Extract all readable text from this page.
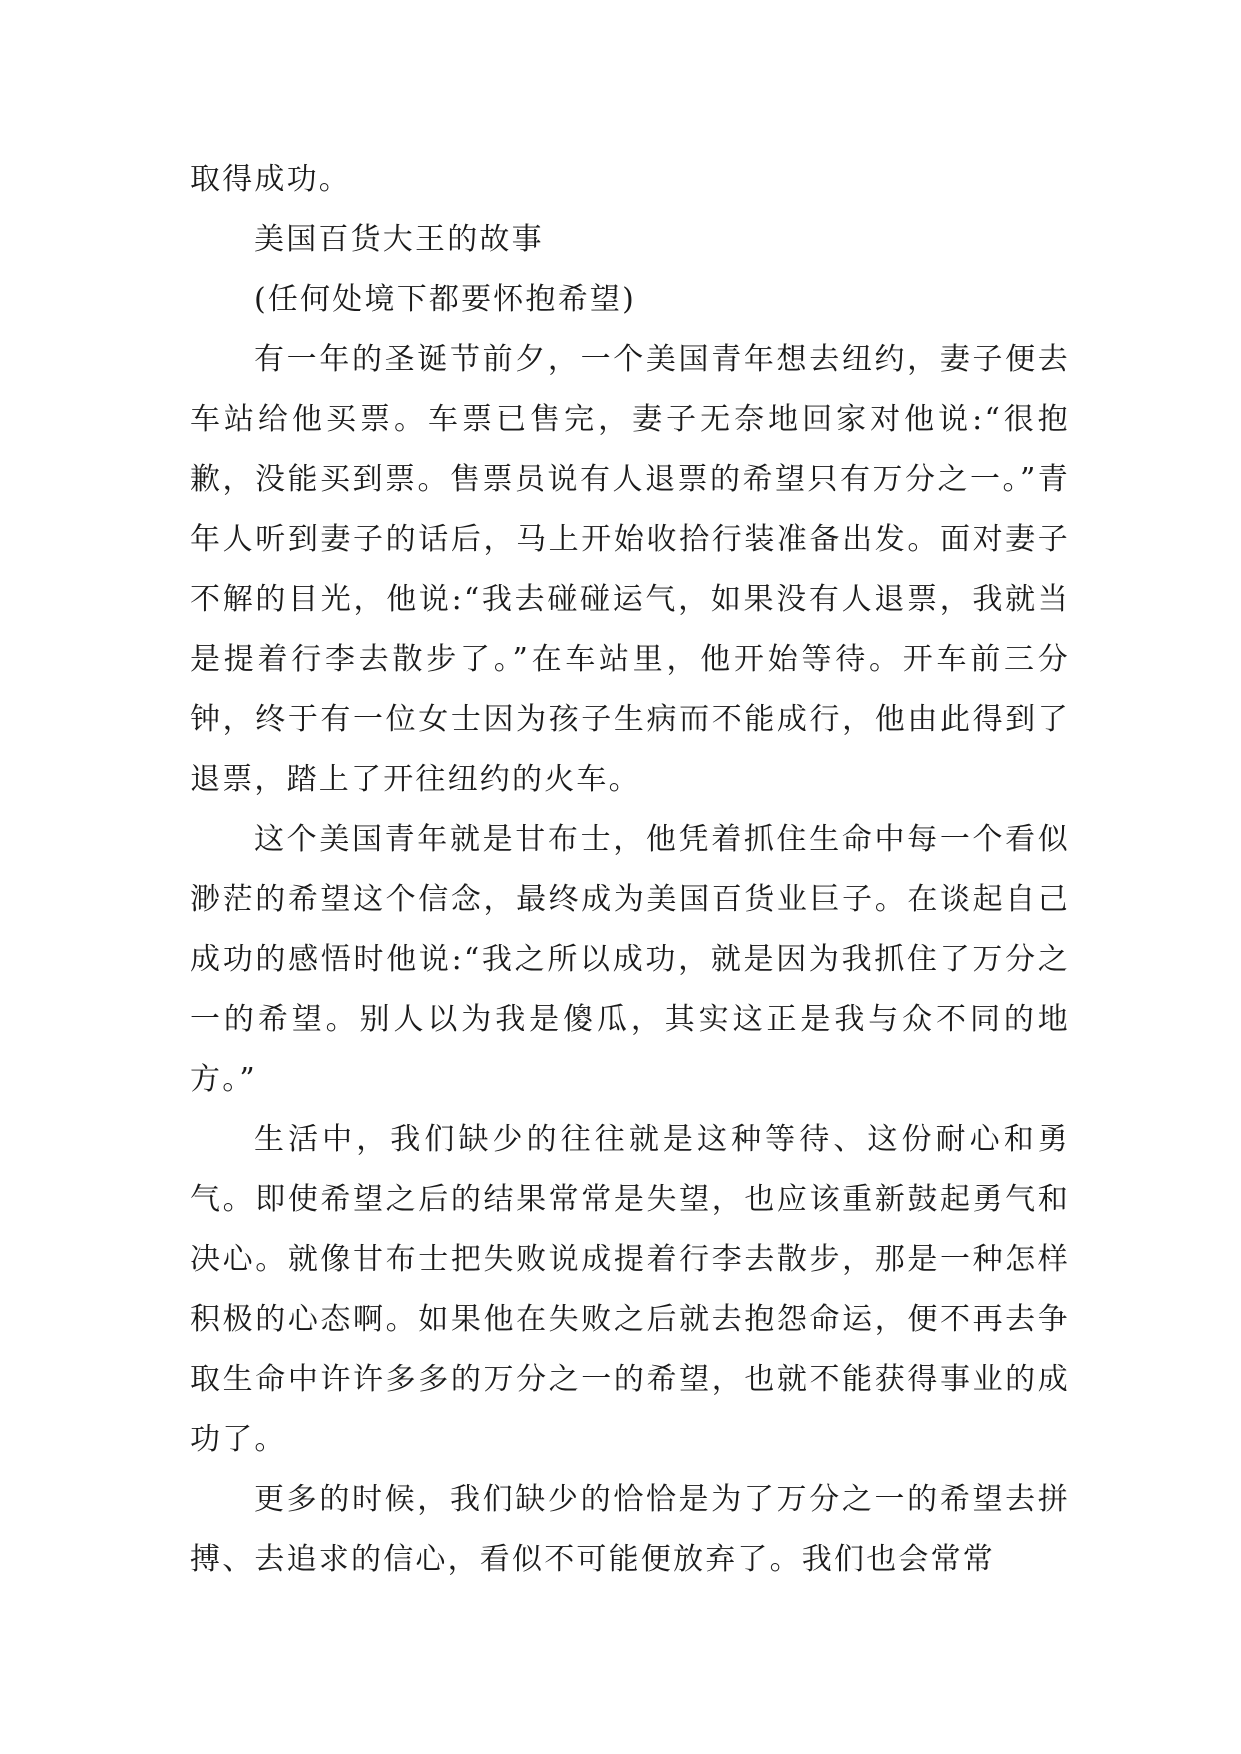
取得成功。

美国百货大王的故事

(任何处境下都要怀抱希望)

有一年的圣诞节前夕，一个美国青年想去纽约，妻子便去车站给他买票。车票已售完，妻子无奈地回家对他说:“很抱歉，没能买到票。售票员说有人退票的希望只有万分之一。”青年人听到妻子的话后，马上开始收拾行装准备出发。面对妻子不解的目光，他说:“我去碰碰运气，如果没有人退票，我就当是提着行李去散步了。”在车站里，他开始等待。开车前三分钟，终于有一位女士因为孩子生病而不能成行，他由此得到了退票，踏上了开往纽约的火车。

这个美国青年就是甘布士，他凭着抓住生命中每一个看似渺茫的希望这个信念，最终成为美国百货业巨子。在谈起自己成功的感悟时他说:“我之所以成功，就是因为我抓住了万分之一的希望。别人以为我是傻瓜，其实这正是我与众不同的地方。”

生活中，我们缺少的往往就是这种等待、这份耐心和勇气。即使希望之后的结果常常是失望，也应该重新鼓起勇气和决心。就像甘布士把失败说成提着行李去散步，那是一种怎样积极的心态啊。如果他在失败之后就去抱怨命运，便不再去争取生命中许许多多的万分之一的希望，也就不能获得事业的成功了。

更多的时候，我们缺少的恰恰是为了万分之一的希望去拼搏、去追求的信心，看似不可能便放弃了。我们也会常常
